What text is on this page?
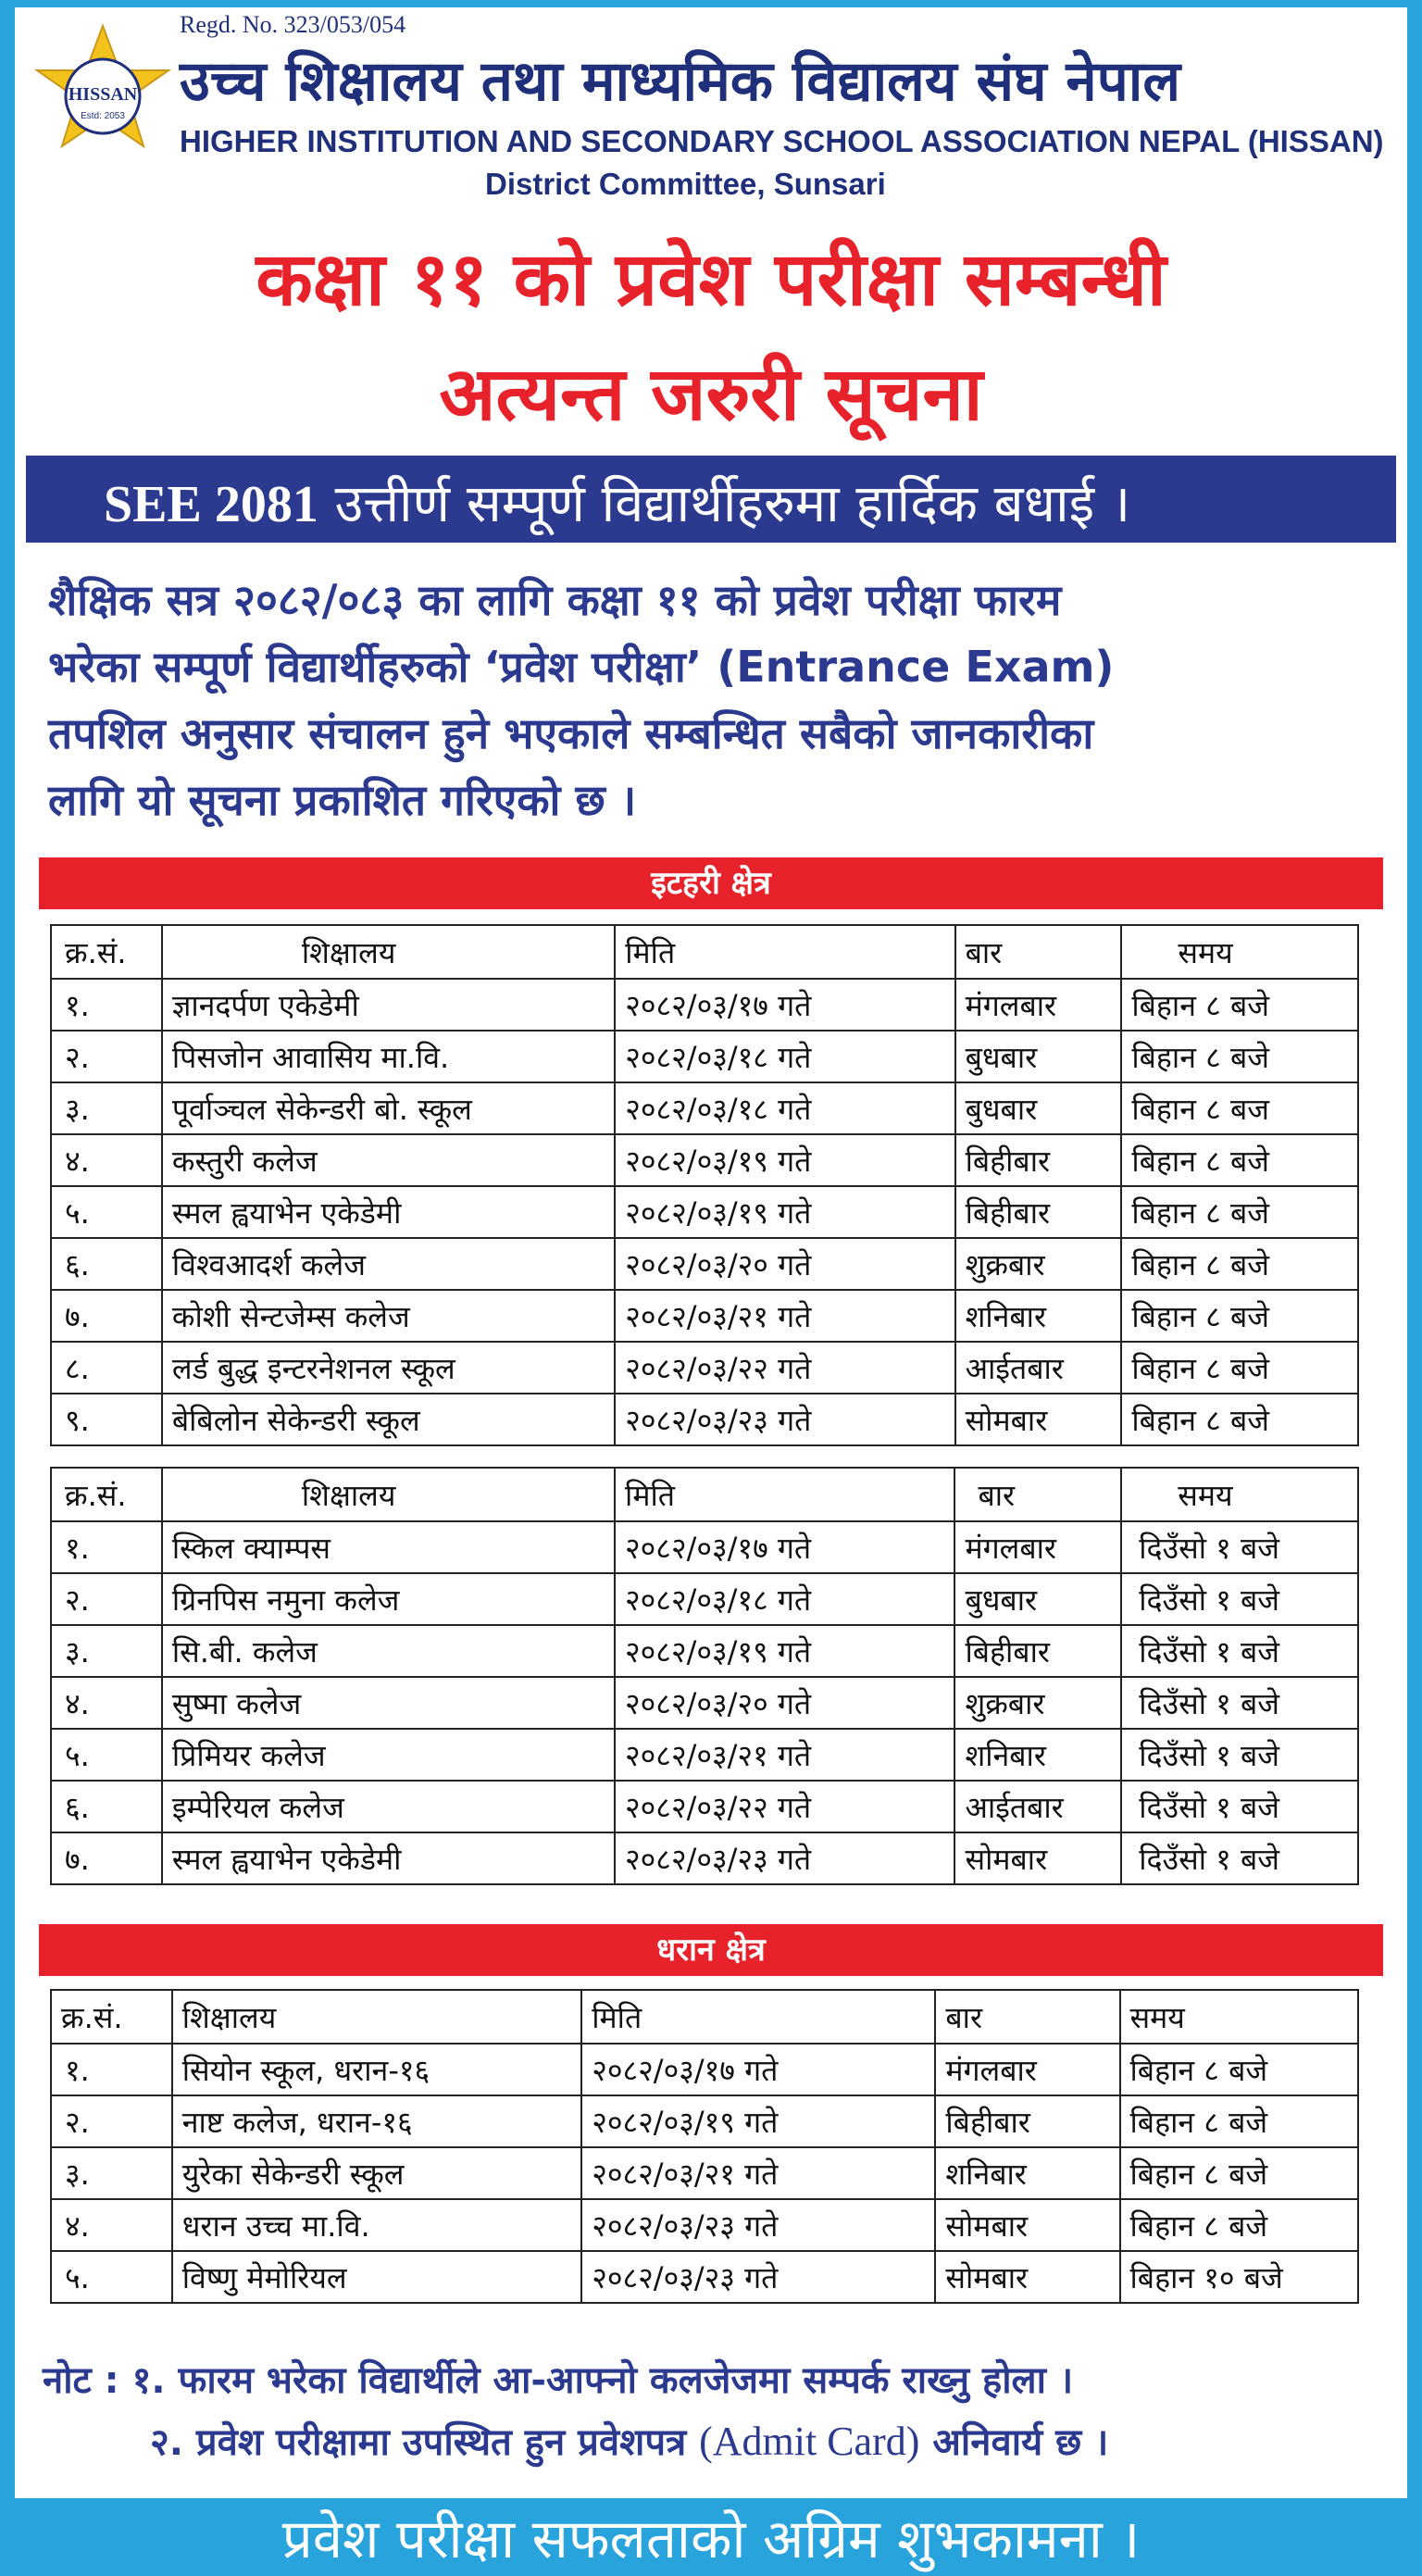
HISSAN
Estd: 2053
Regd. No. 323/053/054
उच्च शिक्षालय तथा माध्यमिक विद्यालय संघ नेपाल
HIGHER INSTITUTION AND SECONDARY SCHOOL ASSOCIATION NEPAL (HISSAN)
District Committee, Sunsari
कक्षा ११ को प्रवेश परीक्षा सम्बन्धी
अत्यन्त जरुरी सूचना
SEE 2081 उत्तीर्ण सम्पूर्ण विद्यार्थीहरुमा हार्दिक बधाई ।
शैक्षिक सत्र २०८२/०८३ का लागि कक्षा ११ को प्रवेश परीक्षा फारम
भरेका सम्पूर्ण विद्यार्थीहरुको ‘प्रवेश परीक्षा’ (Entrance Exam)
तपशिल अनुसार संचालन हुने भएकाले सम्बन्धित सबैको जानकारीका
लागि यो सूचना प्रकाशित गरिएको छ ।
इटहरी क्षेत्र
क्र.सं.	शिक्षालय	मिति	बार	समय
१.	ज्ञानदर्पण एकेडेमी	२०८२/०३/१७ गते	मंगलबार	बिहान ८ बजे
२.	पिसजोन आवासिय मा.वि.	२०८२/०३/१८ गते	बुधबार	बिहान ८ बजे
३.	पूर्वाञ्चल सेकेन्डरी बो. स्कूल	२०८२/०३/१८ गते	बुधबार	बिहान ८ बज
४.	कस्तुरी कलेज	२०८२/०३/१९ गते	बिहीबार	बिहान ८ बजे
५.	स्मल ह्वयाभेन एकेडेमी	२०८२/०३/१९ गते	बिहीबार	बिहान ८ बजे
६.	विश्वआदर्श कलेज	२०८२/०३/२० गते	शुक्रबार	बिहान ८ बजे
७.	कोशी सेन्टजेम्स कलेज	२०८२/०३/२१ गते	शनिबार	बिहान ८ बजे
८.	लर्ड बुद्ध इन्टरनेशनल स्कूल	२०८२/०३/२२ गते	आईतबार	बिहान ८ बजे
९.	बेबिलोन सेकेन्डरी स्कूल	२०८२/०३/२३ गते	सोमबार	बिहान ८ बजे
क्र.सं.	शिक्षालय	मिति	बार	समय
१.	स्किल क्याम्पस	२०८२/०३/१७ गते	मंगलबार	दिउँसो १ बजे
२.	ग्रिनपिस नमुना कलेज	२०८२/०३/१८ गते	बुधबार	दिउँसो १ बजे
३.	सि.बी. कलेज	२०८२/०३/१९ गते	बिहीबार	दिउँसो १ बजे
४.	सुष्मा कलेज	२०८२/०३/२० गते	शुक्रबार	दिउँसो १ बजे
५.	प्रिमियर कलेज	२०८२/०३/२१ गते	शनिबार	दिउँसो १ बजे
६.	इम्पेरियल कलेज	२०८२/०३/२२ गते	आईतबार	दिउँसो १ बजे
७.	स्मल ह्वयाभेन एकेडेमी	२०८२/०३/२३ गते	सोमबार	दिउँसो १ बजे
धरान क्षेत्र
क्र.सं.	शिक्षालय	मिति	बार	समय
१.	सियोन स्कूल, धरान-१६	२०८२/०३/१७ गते	मंगलबार	बिहान ८ बजे
२.	नाष्ट कलेज, धरान-१६	२०८२/०३/१९ गते	बिहीबार	बिहान ८ बजे
३.	युरेका सेकेन्डरी स्कूल	२०८२/०३/२१ गते	शनिबार	बिहान ८ बजे
४.	धरान उच्च मा.वि.	२०८२/०३/२३ गते	सोमबार	बिहान ८ बजे
५.	विष्णु मेमोरियल	२०८२/०३/२३ गते	सोमबार	बिहान १० बजे
नोट : १. फारम भरेका विद्यार्थीले आ-आफ्नो कलजेजमा सम्पर्क राख्नु होला ।
२. प्रवेश परीक्षामा उपस्थित हुन प्रवेशपत्र (Admit Card) अनिवार्य छ ।
प्रवेश परीक्षा सफलताको अग्रिम शुभकामना ।
